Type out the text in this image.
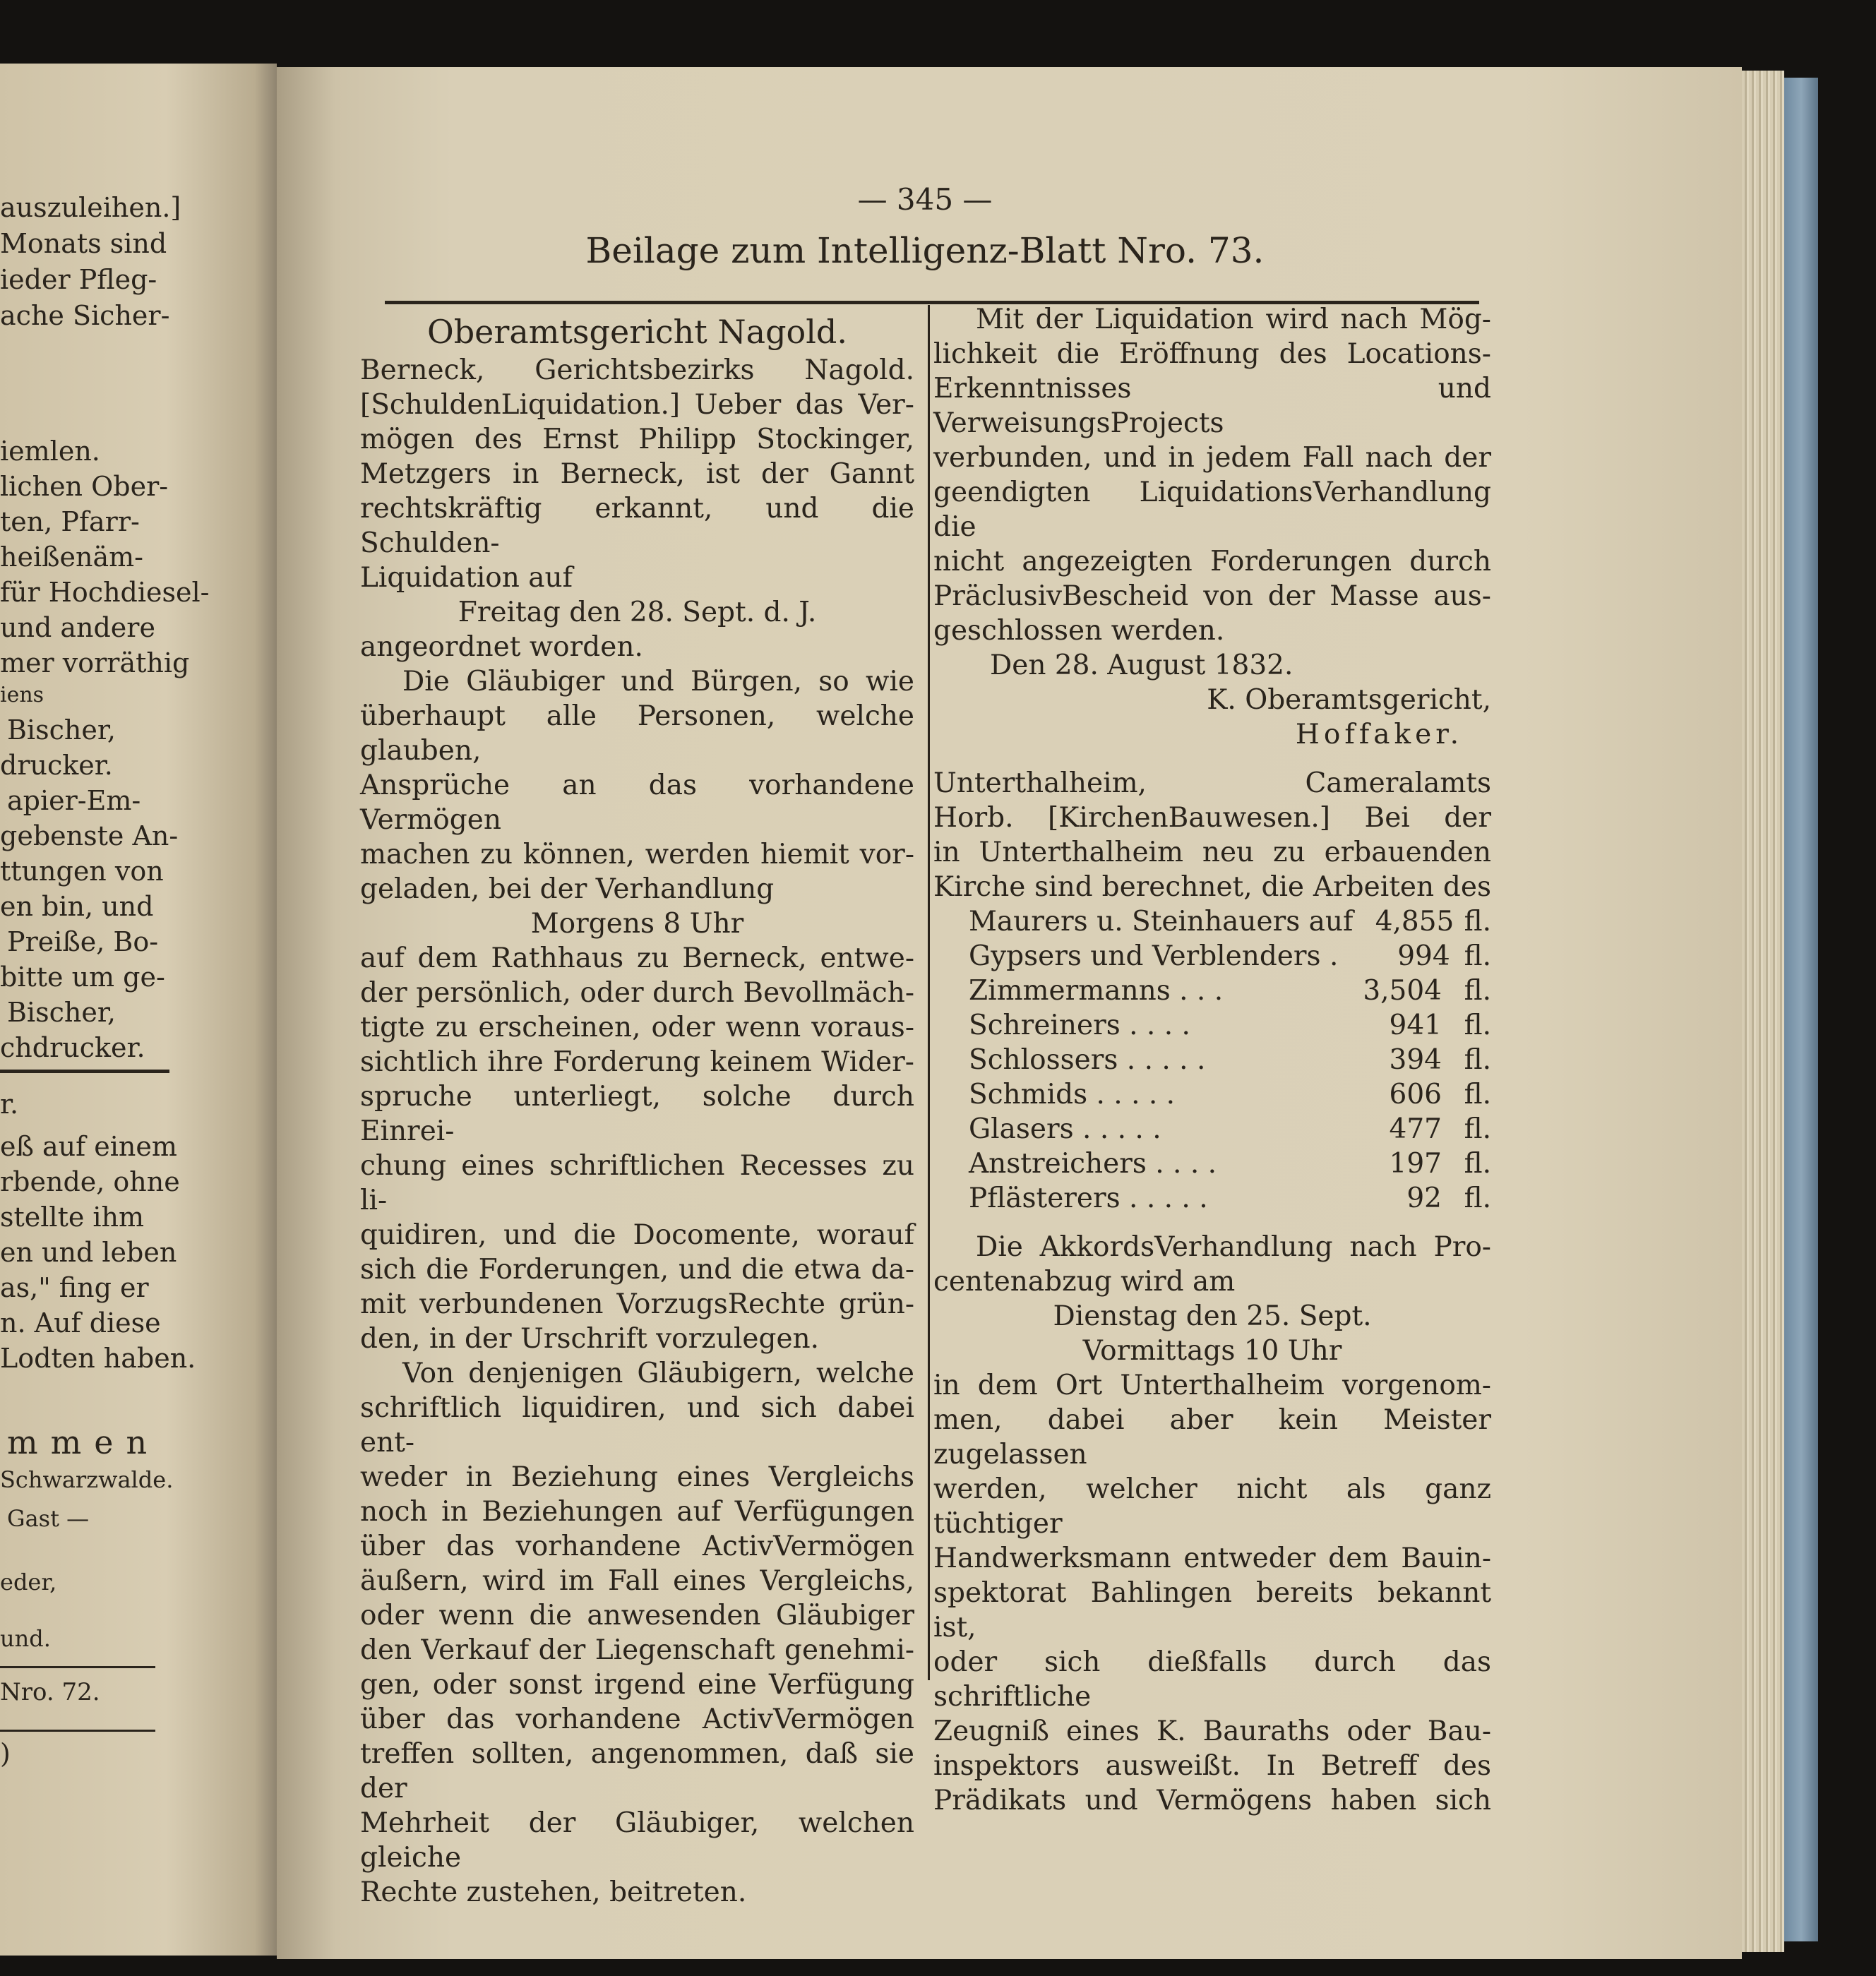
auszuleihen.]
Monats sind
ieder Pfleg-
ache Sicher-
iemlen.
lichen Ober-
ten, Pfarr-
heißenäm-
für Hochdiesel-
und andere
mer vorräthig
iens
Bischer,
drucker.
apier-Em-
gebenste An-
ttungen von
en bin, und
Preiße, Bo-
bitte um ge-
Bischer,
chdrucker.
r.
eß auf einem
rbende, ohne
stellte ihm
en und leben
as," fing er
n. Auf diese
Lodten haben.
mmen
Schwarzwalde.
Gast —
eder,
und.
Nro. 72.
)
— 345 —
Beilage zum Intelligenz-Blatt Nro. 73.

Oberamtsgericht Nagold.

Berneck, Gerichtsbezirks Nagold.

[SchuldenLiquidation.] Ueber das Ver-

mögen des Ernst Philipp Stockinger,

Metzgers in Berneck, ist der Gannt

rechtskräftig erkannt, und die Schulden-

Liquidation auf

Freitag den 28. Sept. d. J.

angeordnet worden.

Die Gläubiger und Bürgen, so wie

überhaupt alle Personen, welche glauben,

Ansprüche an das vorhandene Vermögen

machen zu können, werden hiemit vor-

geladen, bei der Verhandlung

Morgens 8 Uhr

auf dem Rathhaus zu Berneck, entwe-

der persönlich, oder durch Bevollmäch-

tigte zu erscheinen, oder wenn voraus-

sichtlich ihre Forderung keinem Wider-

spruche unterliegt, solche durch Einrei-

chung eines schriftlichen Recesses zu li-

quidiren, und die Docomente, worauf

sich die Forderungen, und die etwa da-

mit verbundenen VorzugsRechte grün-

den, in der Urschrift vorzulegen.

Von denjenigen Gläubigern, welche

schriftlich liquidiren, und sich dabei ent-

weder in Beziehung eines Vergleichs

noch in Beziehungen auf Verfügungen

über das vorhandene ActivVermögen

äußern, wird im Fall eines Vergleichs,

oder wenn die anwesenden Gläubiger

den Verkauf der Liegenschaft genehmi-

gen, oder sonst irgend eine Verfügung

über das vorhandene ActivVermögen

treffen sollten, angenommen, daß sie der

Mehrheit der Gläubiger, welchen gleiche

Rechte zustehen, beitreten.

Mit der Liquidation wird nach Mög-

lichkeit die Eröffnung des Locations-

Erkenntnisses und VerweisungsProjects

verbunden, und in jedem Fall nach der

geendigten LiquidationsVerhandlung die

nicht angezeigten Forderungen durch

PräclusivBescheid von der Masse aus-

geschlossen werden.

Den 28. August 1832.

K. Oberamtsgericht,

Hoffaker.

Unterthalheim, Cameralamts

Horb. [KirchenBauwesen.] Bei der

in Unterthalheim neu zu erbauenden

Kirche sind berechnet, die Arbeiten des

Maurers u. Steinhauers auf 4,855 fl.
Gypsers und Verblenders .	994 fl.
Zimmermanns . . .	3,504 fl.
Schreiners . . . .	941 fl.
Schlossers . . . . .	394 fl.
Schmids . . . . .	606 fl.
Glasers . . . . .	477 fl.
Anstreichers . . . .	197 fl.
Pflästerers . . . . .	92 fl.

Die AkkordsVerhandlung nach Pro-

centenabzug wird am

Dienstag den 25. Sept.

Vormittags 10 Uhr

in dem Ort Unterthalheim vorgenom-

men, dabei aber kein Meister zugelassen

werden, welcher nicht als ganz tüchtiger

Handwerksmann entweder dem Bauin-

spektorat Bahlingen bereits bekannt ist,

oder sich dießfalls durch das schriftliche

Zeugniß eines K. Bauraths oder Bau-

inspektors ausweißt. In Betreff des

Prädikats und Vermögens haben sich
